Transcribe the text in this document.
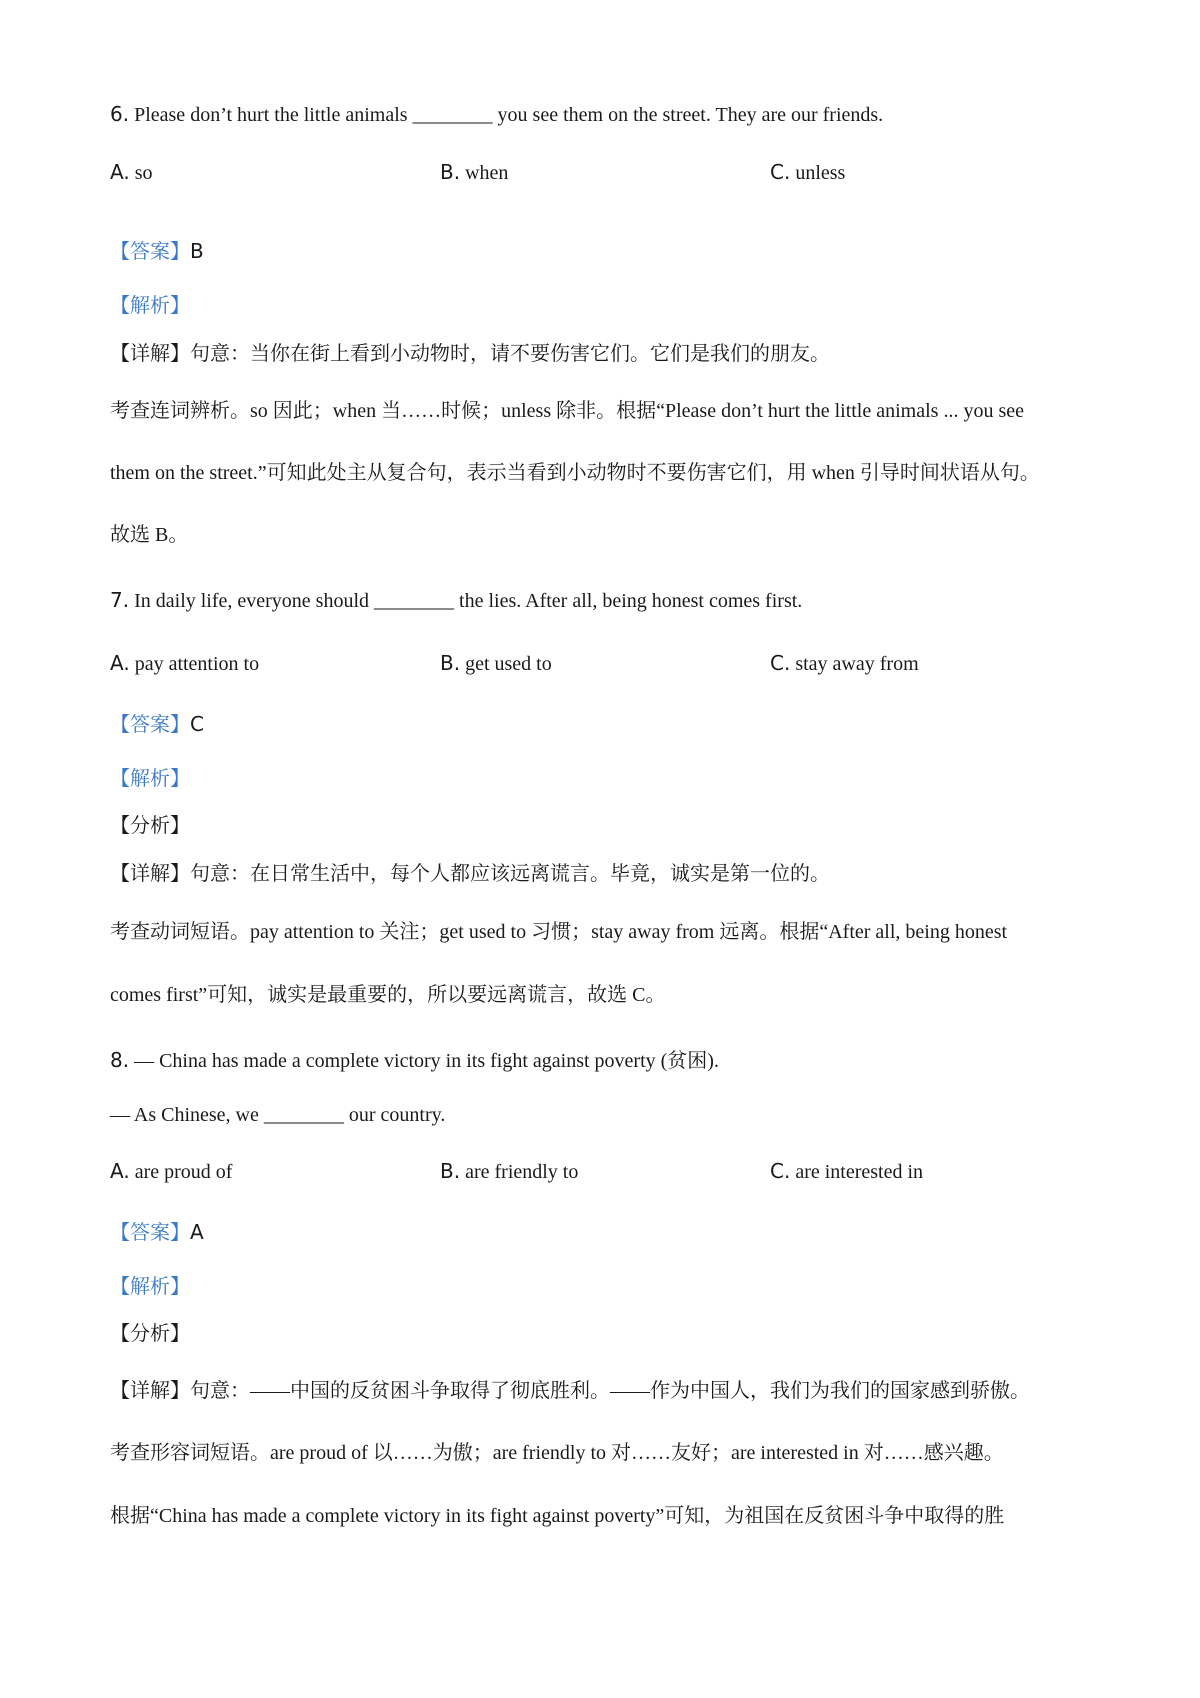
6. Please don’t hurt the little animals ________ you see them on the street. They are our friends.
A. so	B. when	C. unless
【答案】B
【解析】
【详解】句意：当你在街上看到小动物时，请不要伤害它们。它们是我们的朋友。
考查连词辨析。so 因此；when 当……时候；unless 除非。根据“Please don’t hurt the little animals ... you see
them on the street.”可知此处主从复合句，表示当看到小动物时不要伤害它们，用 when 引导时间状语从句。
故选 B。
7. In daily life, everyone should ________ the lies. After all, being honest comes first.
A. pay attention to	B. get used to	C. stay away from
【答案】C
【解析】
【分析】
【详解】句意：在日常生活中，每个人都应该远离谎言。毕竟，诚实是第一位的。
考查动词短语。pay attention to 关注；get used to 习惯；stay away from 远离。根据“After all, being honest
comes first”可知，诚实是最重要的，所以要远离谎言，故选 C。
8. — China has made a complete victory in its fight against poverty (贫困).
— As Chinese, we ________ our country.
A. are proud of	B. are friendly to	C. are interested in
【答案】A
【解析】
【分析】
【详解】句意：——中国的反贫困斗争取得了彻底胜利。——作为中国人，我们为我们的国家感到骄傲。
考查形容词短语。are proud of 以……为傲；are friendly to 对……友好；are interested in 对……感兴趣。
根据“China has made a complete victory in its fight against poverty”可知，为祖国在反贫困斗争中取得的胜
